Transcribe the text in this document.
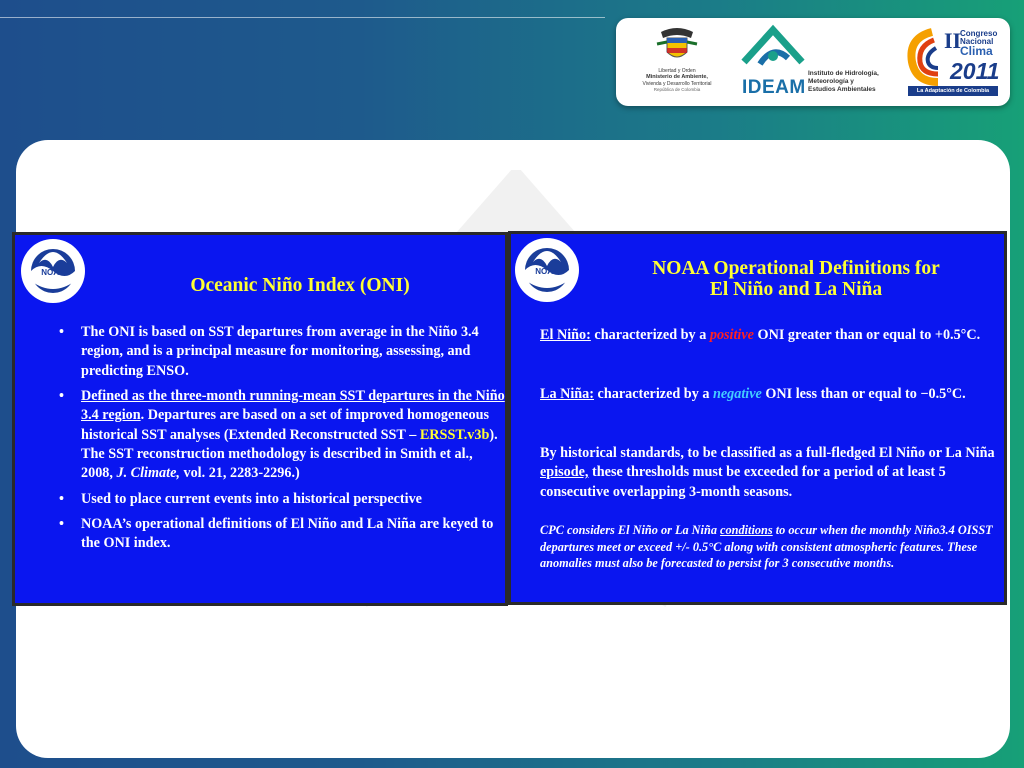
Libertad y Orden
Ministerio de Ambiente,
Vivienda y Desarrollo Territorial
República de Colombia	IDEAM
Instituto de Hidrología,
Meteorología y
Estudios Ambientales
II
Congreso
Nacional
Clima
2011
La Adaptación de Colombia
NOAA
Oceanic Niño Index (ONI)
• The ONI is based on SST departures from average in the Niño 3.4 region, and is a principal measure for monitoring, assessing, and predicting ENSO.
• Defined as the three-month running-mean SST departures in the Niño 3.4 region. Departures are based on a set of improved homogeneous historical SST analyses (Extended Reconstructed SST – ERSST.v3b). The SST reconstruction methodology is described in Smith et al., 2008, J. Climate, vol. 21, 2283-2296.)
• Used to place current events into a historical perspective
• NOAA’s operational definitions of El Niño and La Niña are keyed to the ONI index.
NOAA	NOAA Operational Definitions for
El Niño and La Niña
El Niño: characterized by a positive ONI greater than or equal to +0.5°C.
La Niña: characterized by a negative ONI less than or equal to −0.5°C.
By historical standards, to be classified as a full-fledged El Niño or La Niña episode, these thresholds must be exceeded for a period of at least 5 consecutive overlapping 3-month seasons.
CPC considers El Niño or La Niña conditions to occur when the monthly Niño3.4 OISST departures meet or exceed +/- 0.5°C along with consistent atmospheric features. These anomalies must also be forecasted to persist for 3 consecutive months.
